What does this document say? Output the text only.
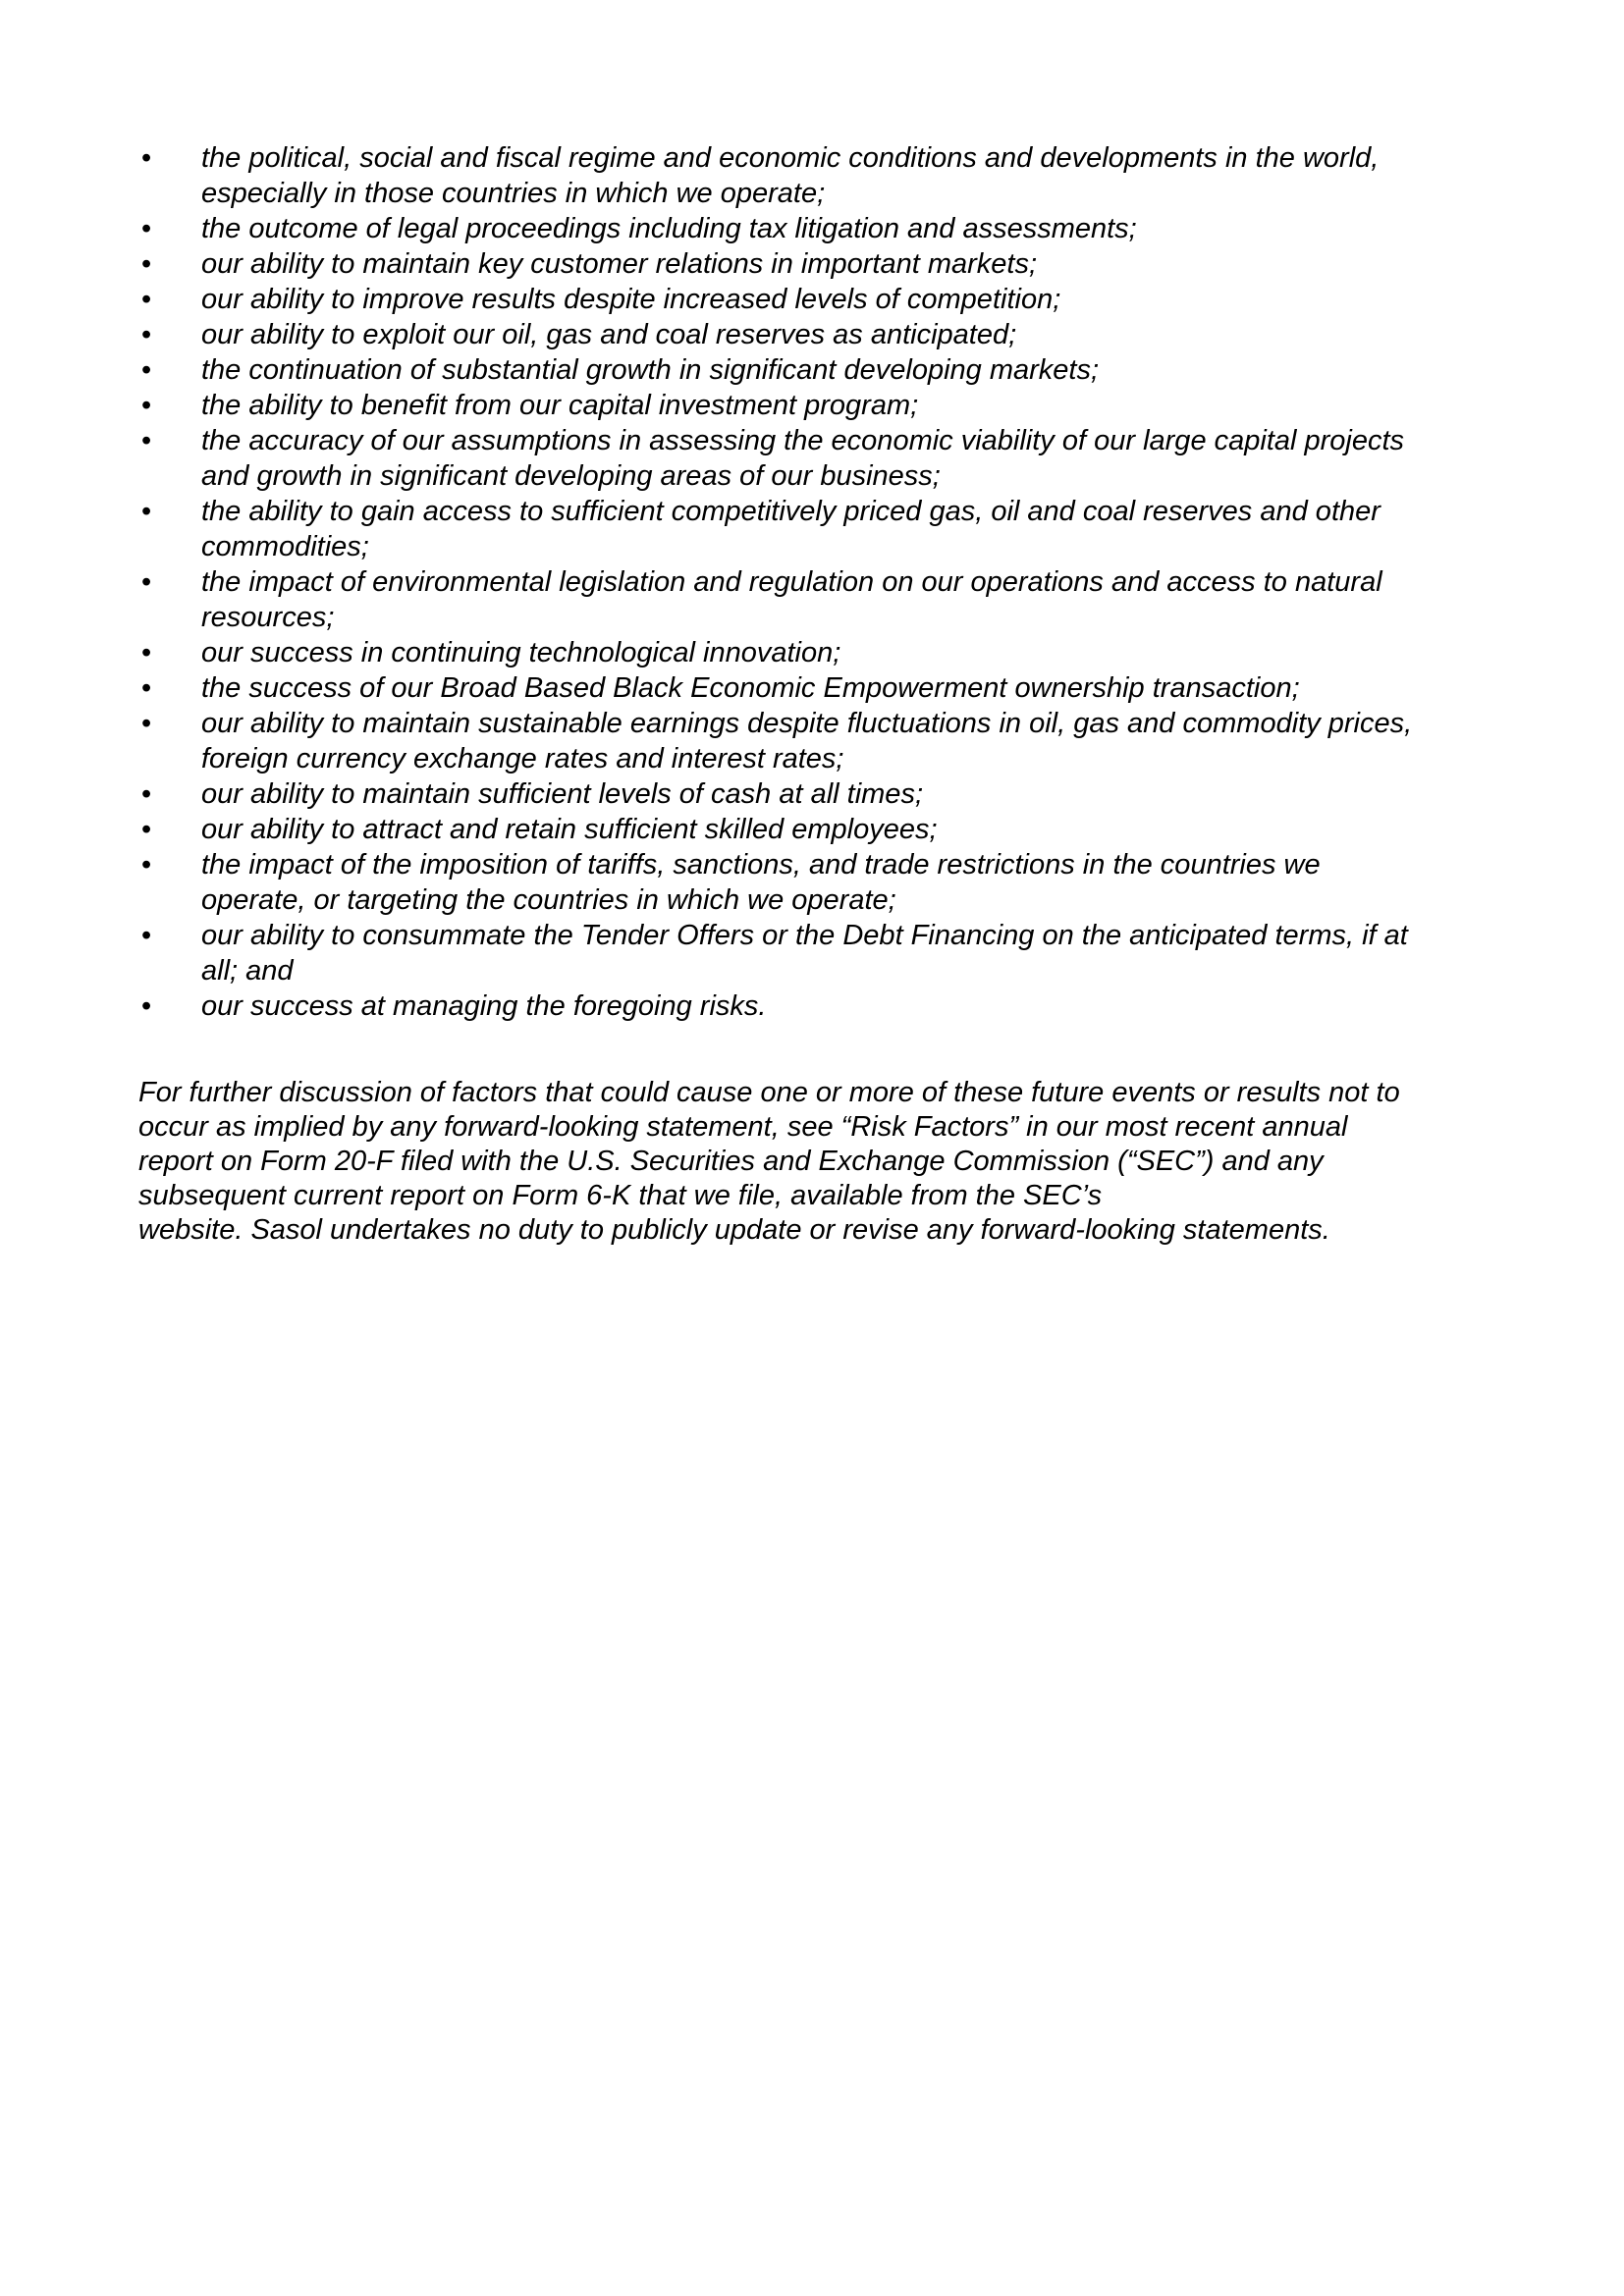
• the political, social and fiscal regime and economic conditions and developments in the world,
especially in those countries in which we operate;
• the outcome of legal proceedings including tax litigation and assessments;
• our ability to maintain key customer relations in important markets;
• our ability to improve results despite increased levels of competition;
• our ability to exploit our oil, gas and coal reserves as anticipated;
• the continuation of substantial growth in significant developing markets;
• the ability to benefit from our capital investment program;
• the accuracy of our assumptions in assessing the economic viability of our large capital projects
and growth in significant developing areas of our business;
• the ability to gain access to sufficient competitively priced gas, oil and coal reserves and other
commodities;
• the impact of environmental legislation and regulation on our operations and access to natural
resources;
• our success in continuing technological innovation;
• the success of our Broad Based Black Economic Empowerment ownership transaction;
• our ability to maintain sustainable earnings despite fluctuations in oil, gas and commodity prices,
foreign currency exchange rates and interest rates;
• our ability to maintain sufficient levels of cash at all times;
• our ability to attract and retain sufficient skilled employees;
• the impact of the imposition of tariffs, sanctions, and trade restrictions in the countries we
operate, or targeting the countries in which we operate;
• our ability to consummate the Tender Offers or the Debt Financing on the anticipated terms, if at
all; and
• our success at managing the foregoing risks.

For further discussion of factors that could cause one or more of these future events or results not to
occur as implied by any forward-looking statement, see “Risk Factors” in our most recent annual
report on Form 20-F filed with the U.S. Securities and Exchange Commission (“SEC”) and any
subsequent current report on Form 6-K that we file, available from the SEC’s
website. Sasol undertakes no duty to publicly update or revise any forward-looking statements.
